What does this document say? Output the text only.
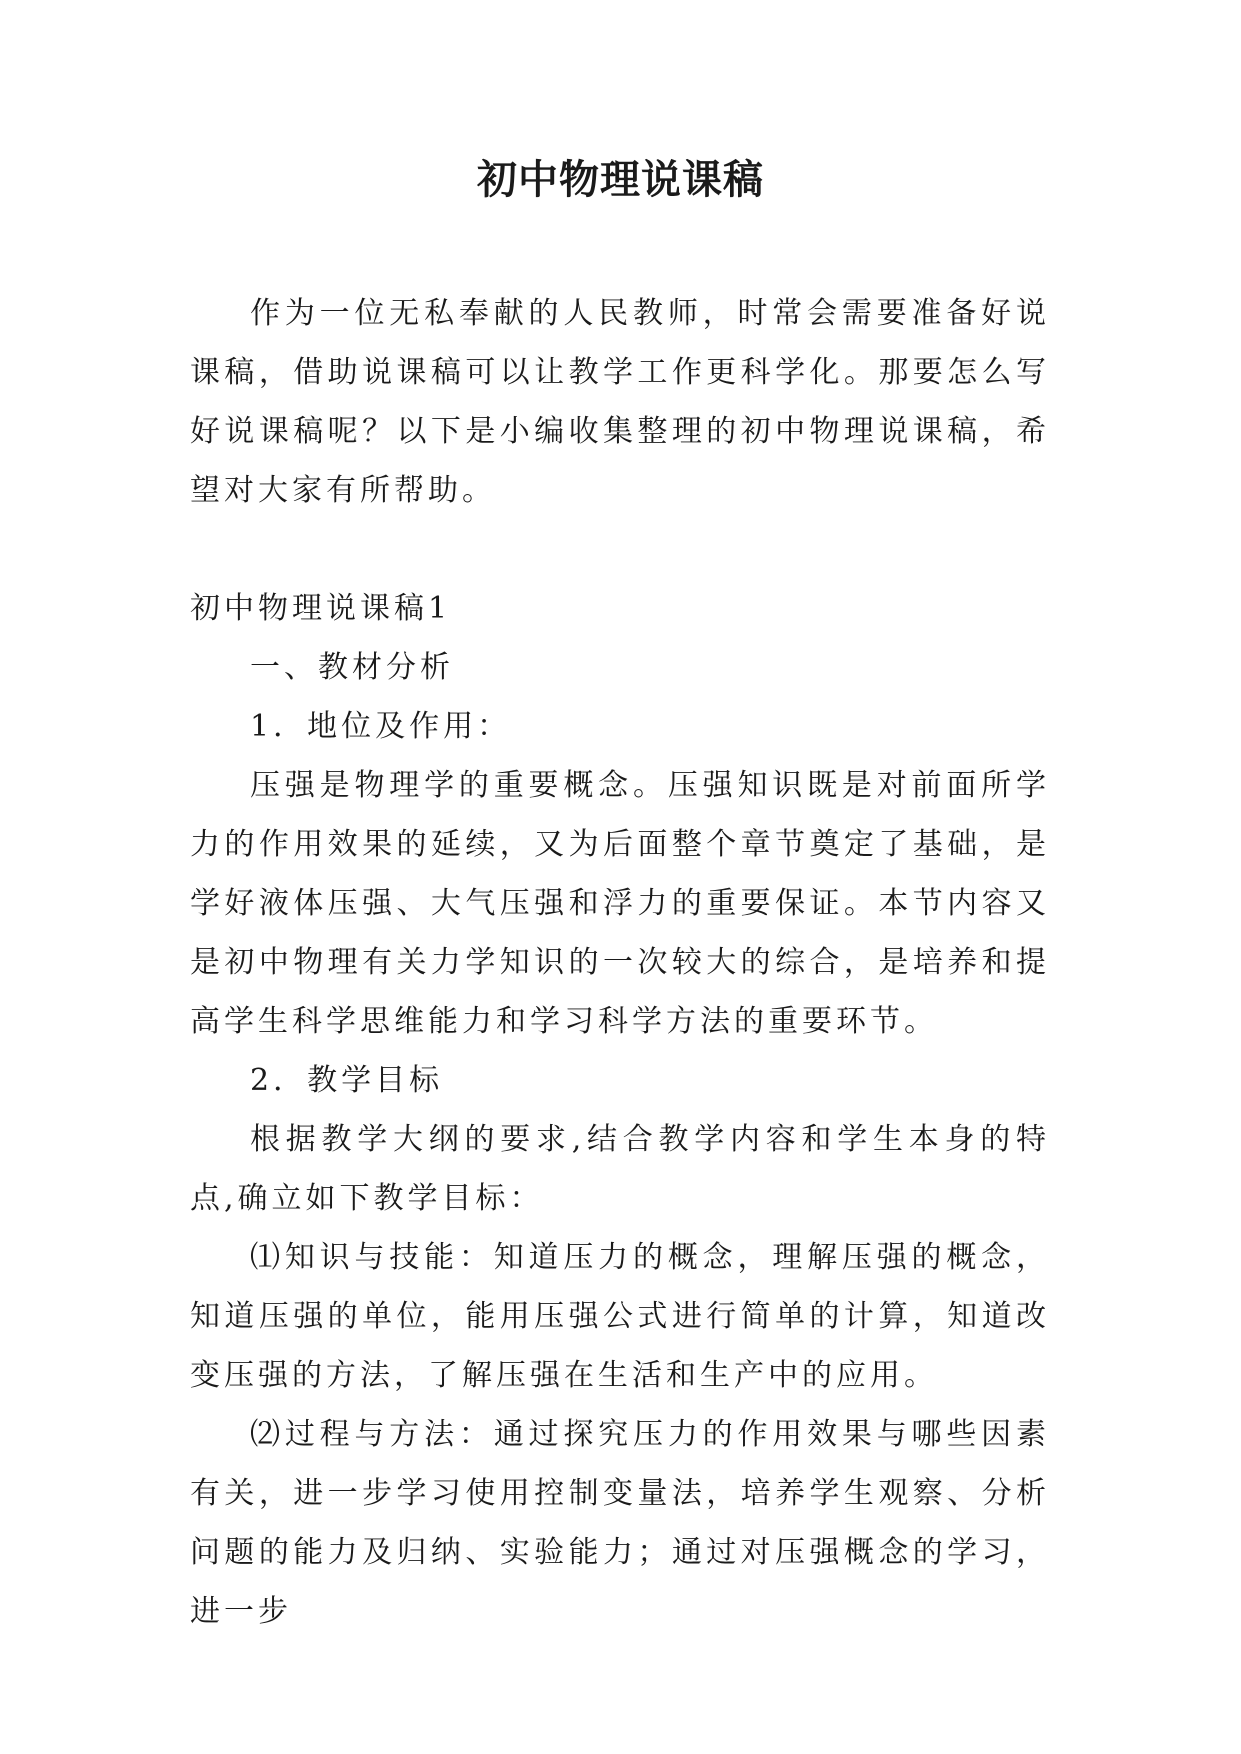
初中物理说课稿

作为一位无私奉献的人民教师，时常会需要准备好说课稿，借助说课稿可以让教学工作更科学化。那要怎么写好说课稿呢？以下是小编收集整理的初中物理说课稿，希望对大家有所帮助。

初中物理说课稿1

一、教材分析

1．地位及作用：

压强是物理学的重要概念。压强知识既是对前面所学力的作用效果的延续，又为后面整个章节奠定了基础，是学好液体压强、大气压强和浮力的重要保证。本节内容又是初中物理有关力学知识的一次较大的综合，是培养和提高学生科学思维能力和学习科学方法的重要环节。

2．教学目标

根据教学大纲的要求,结合教学内容和学生本身的特点,确立如下教学目标：

⑴知识与技能：知道压力的概念，理解压强的概念，知道压强的单位，能用压强公式进行简单的计算，知道改变压强的方法，了解压强在生活和生产中的应用。

⑵过程与方法：通过探究压力的作用效果与哪些因素有关，进一步学习使用控制变量法，培养学生观察、分析问题的能力及归纳、实验能力；通过对压强概念的学习，进一步
